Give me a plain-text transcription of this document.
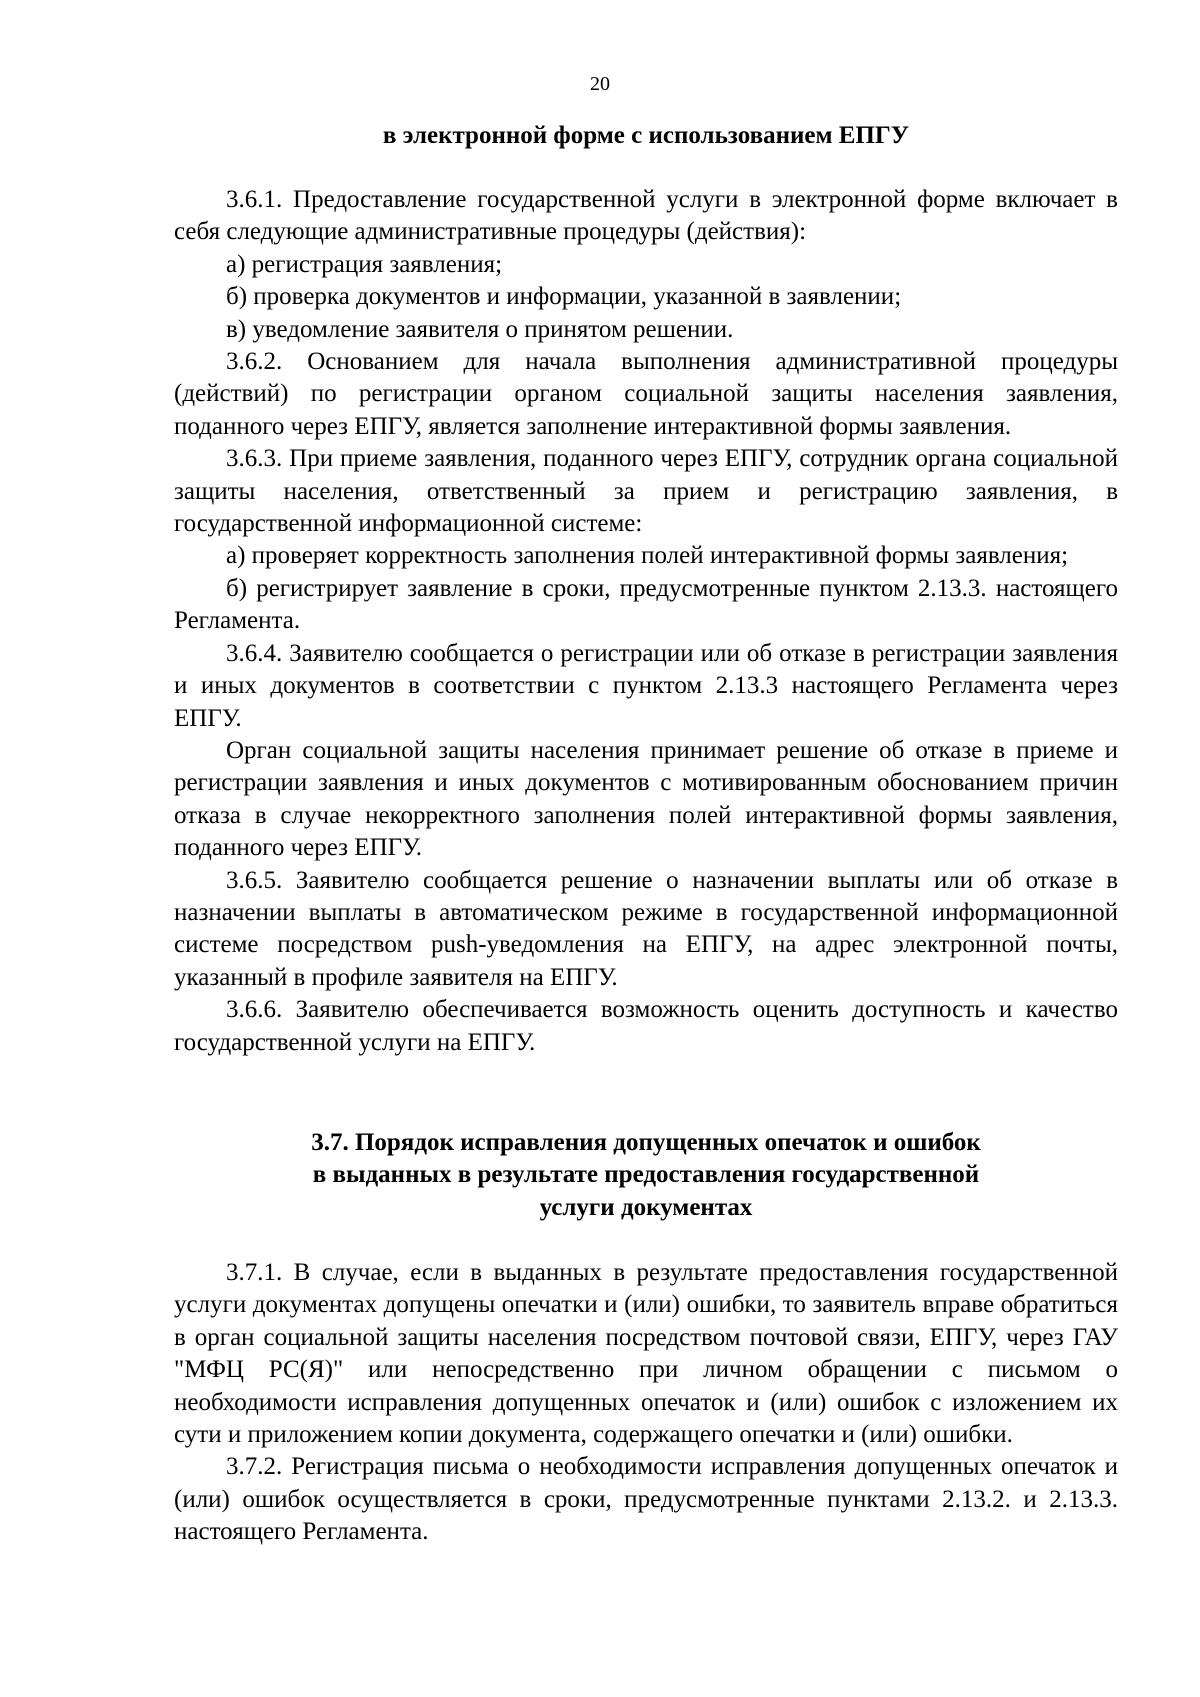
20
в электронной форме с использованием ЕПГУ

3.6.1. Предоставление государственной услуги в электронной форме включает в себя следующие административные процедуры (действия):

а) регистрация заявления;

б) проверка документов и информации, указанной в заявлении;

в) уведомление заявителя о принятом решении.

3.6.2. Основанием для начала выполнения административной процедуры (действий) по регистрации органом социальной защиты населения заявления, поданного через ЕПГУ, является заполнение интерактивной формы заявления.

3.6.3. При приеме заявления, поданного через ЕПГУ, сотрудник органа социальной защиты населения, ответственный за прием и регистрацию заявления, в государственной информационной системе:

а) проверяет корректность заполнения полей интерактивной формы заявления;

б) регистрирует заявление в сроки, предусмотренные пунктом 2.13.3. настоящего Регламента.

3.6.4. Заявителю сообщается о регистрации или об отказе в регистрации заявления и иных документов в соответствии с пунктом 2.13.3 настоящего Регламента через ЕПГУ.

Орган социальной защиты населения принимает решение об отказе в приеме и регистрации заявления и иных документов с мотивированным обоснованием причин отказа в случае некорректного заполнения полей интерактивной формы заявления, поданного через ЕПГУ.

3.6.5. Заявителю сообщается решение о назначении выплаты или об отказе в назначении выплаты в автоматическом режиме в государственной информационной системе посредством push-уведомления на ЕПГУ, на адрес электронной почты, указанный в профиле заявителя на ЕПГУ.

3.6.6. Заявителю обеспечивается возможность оценить доступность и качество государственной услуги на ЕПГУ.

3.7. Порядок исправления допущенных опечаток и ошибок
в выданных в результате предоставления государственной
услуги документах

3.7.1. В случае, если в выданных в результате предоставления государственной услуги документах допущены опечатки и (или) ошибки, то заявитель вправе обратиться в орган социальной защиты населения посредством почтовой связи, ЕПГУ, через ГАУ "МФЦ РС(Я)" или непосредственно при личном обращении с письмом о необходимости исправления допущенных опечаток и (или) ошибок с изложением их сути и приложением копии документа, содержащего опечатки и (или) ошибки.

3.7.2. Регистрация письма о необходимости исправления допущенных опечаток и (или) ошибок осуществляется в сроки, предусмотренные пунктами 2.13.2. и 2.13.3. настоящего Регламента.
